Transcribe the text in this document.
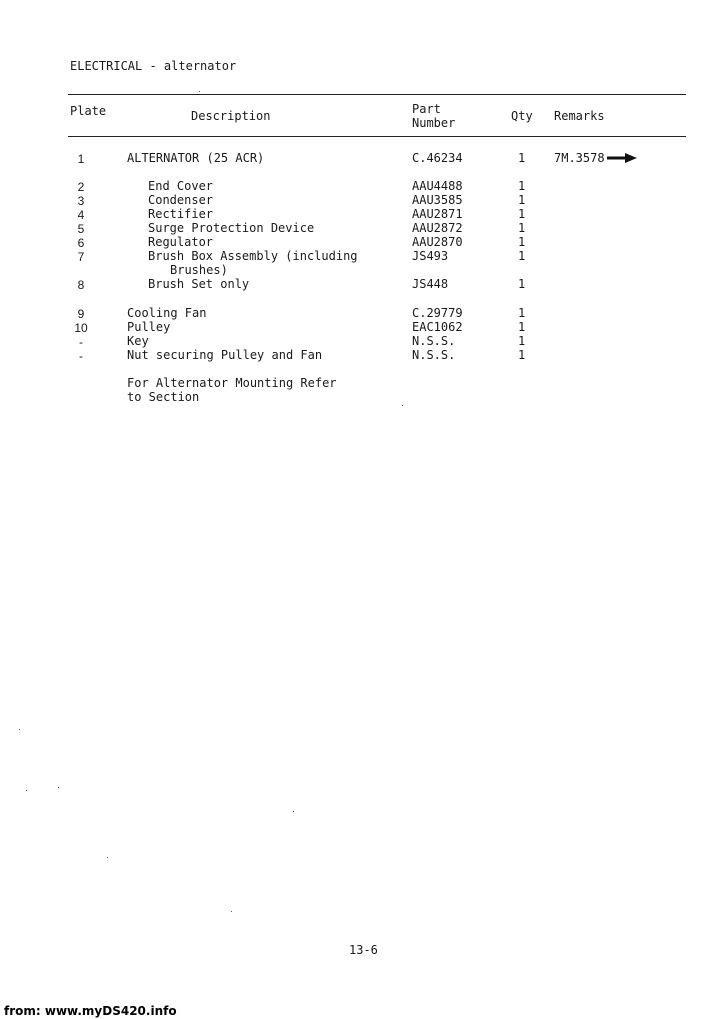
ELECTRICAL - alternator
Plate	Description	Part
Number	Qty Remarks
1	ALTERNATOR (25 ACR)	C.46234	1 7M.3578
2	End Cover	AAU4488	1
3	Condenser	AAU3585	1
4	Rectifier	AAU2871	1
5	Surge Protection Device	AAU2872	1
6	Regulator	AAU2870	1
7	Brush Box Assembly (including
Brushes)
JS493	1
8	Brush Set only	JS448	1
9	Cooling Fan	C.29779	1
10	Pulley	EAC1062	1
-	Key	N.S.S.	1
-	Nut securing Pulley and Fan	N.S.S.	1
For Alternator Mounting Refer
to Section
13-6
from: www.myDS420.info
